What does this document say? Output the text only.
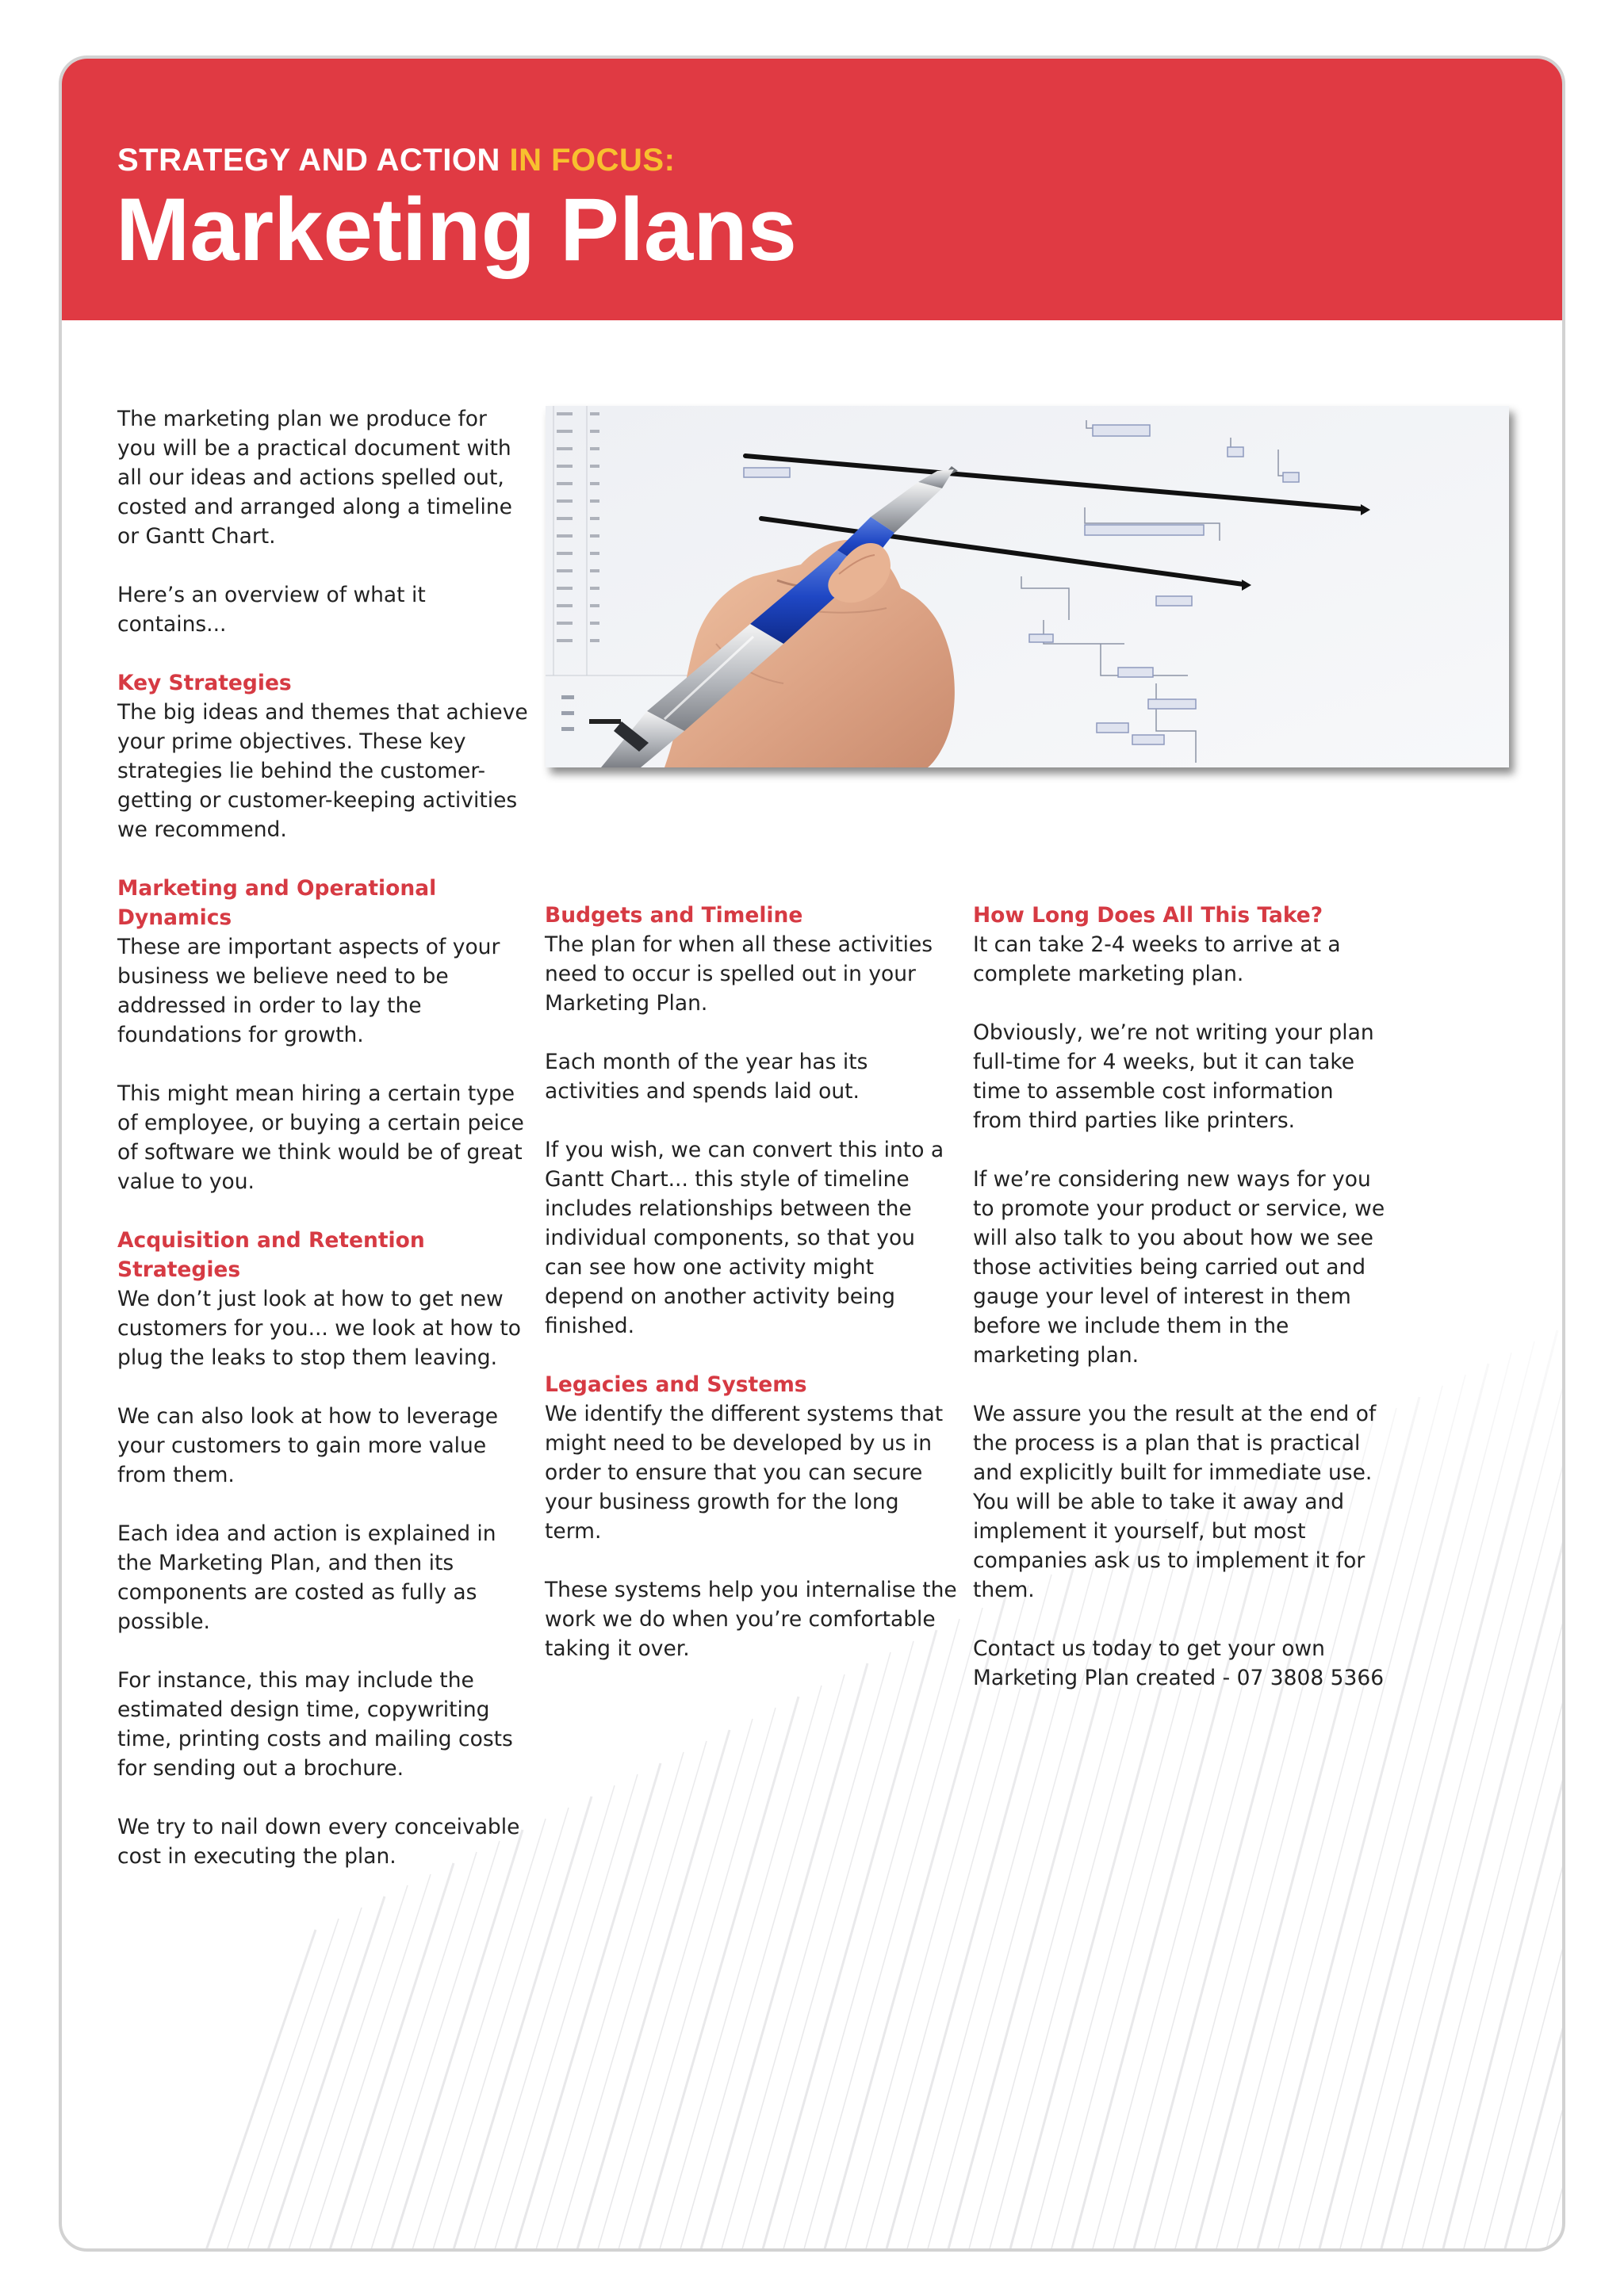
STRATEGY AND ACTION IN FOCUS:
Marketing Plans

The marketing plan we produce for you will be a practical document with all our ideas and actions spelled out, costed and arranged along a timeline or Gantt Chart.

Here’s an overview of what it contains...

Key Strategies

The big ideas and themes that achieve your prime objectives. These key strategies lie behind the customer-getting or customer-keeping activities we recommend.

Marketing and Operational Dynamics

These are important aspects of your business we believe need to be addressed in order to lay the foundations for growth.

This might mean hiring a certain type of employee, or buying a certain peice of software we think would be of great value to you.

Acquisition and Retention Strategies

We don’t just look at how to get new customers for you... we look at how to plug the leaks to stop them leaving.

We can also look at how to leverage your customers to gain more value from them.

Each idea and action is explained in the Marketing Plan, and then its components are costed as fully as possible.

For instance, this may include the estimated design time, copywriting time, printing costs and mailing costs for sending out a brochure.

We try to nail down every conceivable cost in executing the plan.

Budgets and Timeline

The plan for when all these activities need to occur is spelled out in your Marketing Plan.

Each month of the year has its activities and spends laid out.

If you wish, we can convert this into a Gantt Chart... this style of timeline includes relationships between the individual components, so that you can see how one activity might depend on another activity being finished.

Legacies and Systems

We identify the different systems that might need to be developed by us in order to ensure that you can secure your business growth for the long term.

These systems help you internalise the work we do when you’re comfortable taking it over.

How Long Does All This Take?

It can take 2-4 weeks to arrive at a complete marketing plan.

Obviously, we’re not writing your plan full-time for 4 weeks, but it can take time to assemble cost information from third parties like printers.

If we’re considering new ways for you to promote your product or service, we will also talk to you about how we see those activities being carried out and gauge your level of interest in them before we include them in the marketing plan.

We assure you the result at the end of the process is a plan that is practical and explicitly built for immediate use. You will be able to take it away and implement it yourself, but most companies ask us to implement it for them.

Contact us today to get your own Marketing Plan created - 07 3808 5366
